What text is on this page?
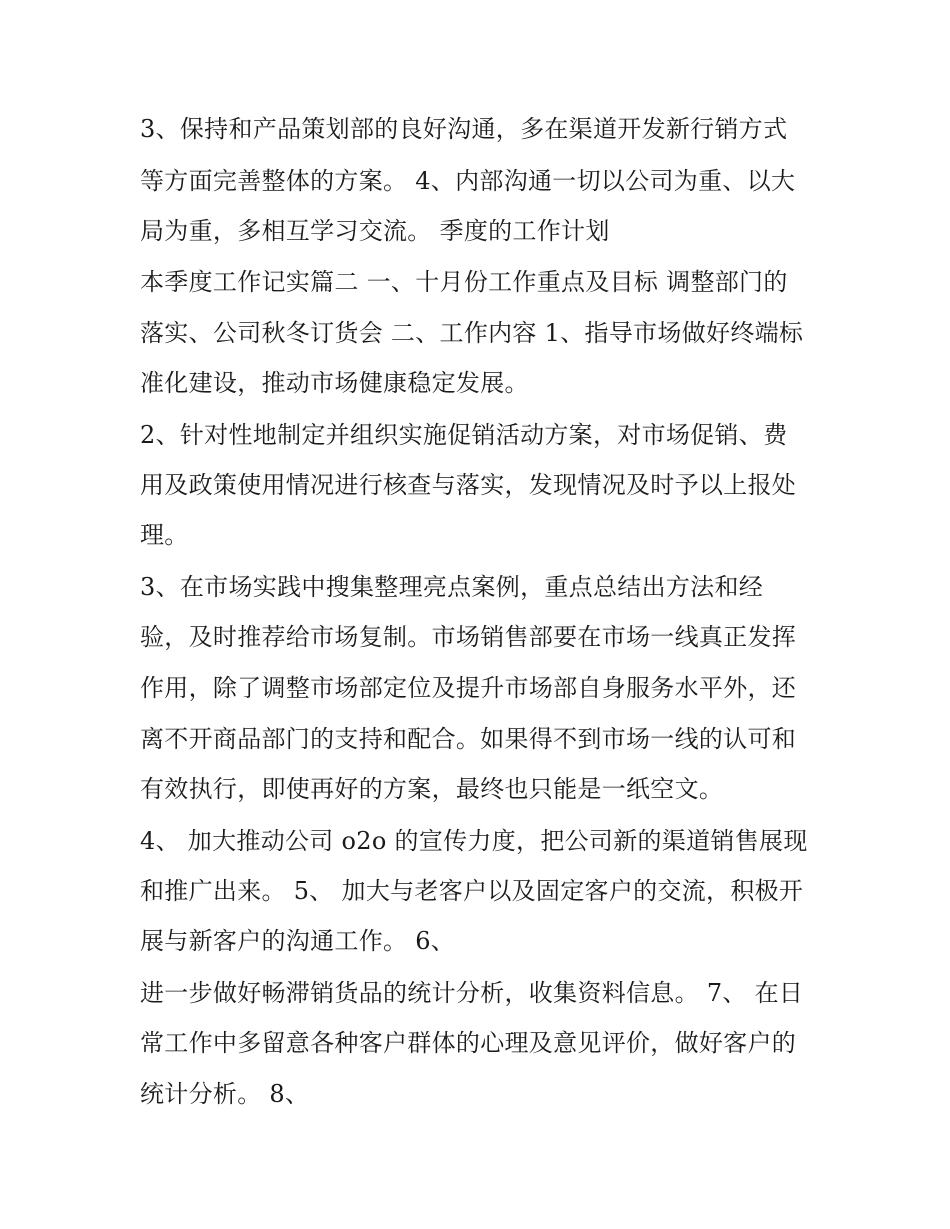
3、保持和产品策划部的良好沟通，多在渠道开发新行销方式
等方面完善整体的方案。 4、内部沟通一切以公司为重、以大
局为重，多相互学习交流。 季度的工作计划
本季度工作记实篇二 一、十月份工作重点及目标 调整部门的
落实、公司秋冬订货会 二、工作内容 1、指导市场做好终端标
准化建设，推动市场健康稳定发展。
2、针对性地制定并组织实施促销活动方案，对市场促销、费
用及政策使用情况进行核查与落实，发现情况及时予以上报处
理。
3、在市场实践中搜集整理亮点案例，重点总结出方法和经
验，及时推荐给市场复制。市场销售部要在市场一线真正发挥
作用，除了调整市场部定位及提升市场部自身服务水平外，还
离不开商品部门的支持和配合。如果得不到市场一线的认可和
有效执行，即使再好的方案，最终也只能是一纸空文。
4、 加大推动公司 o2o 的宣传力度，把公司新的渠道销售展现
和推广出来。 5、 加大与老客户以及固定客户的交流，积极开
展与新客户的沟通工作。 6、
进一步做好畅滞销货品的统计分析，收集资料信息。 7、 在日
常工作中多留意各种客户群体的心理及意见评价，做好客户的
统计分析。 8、
